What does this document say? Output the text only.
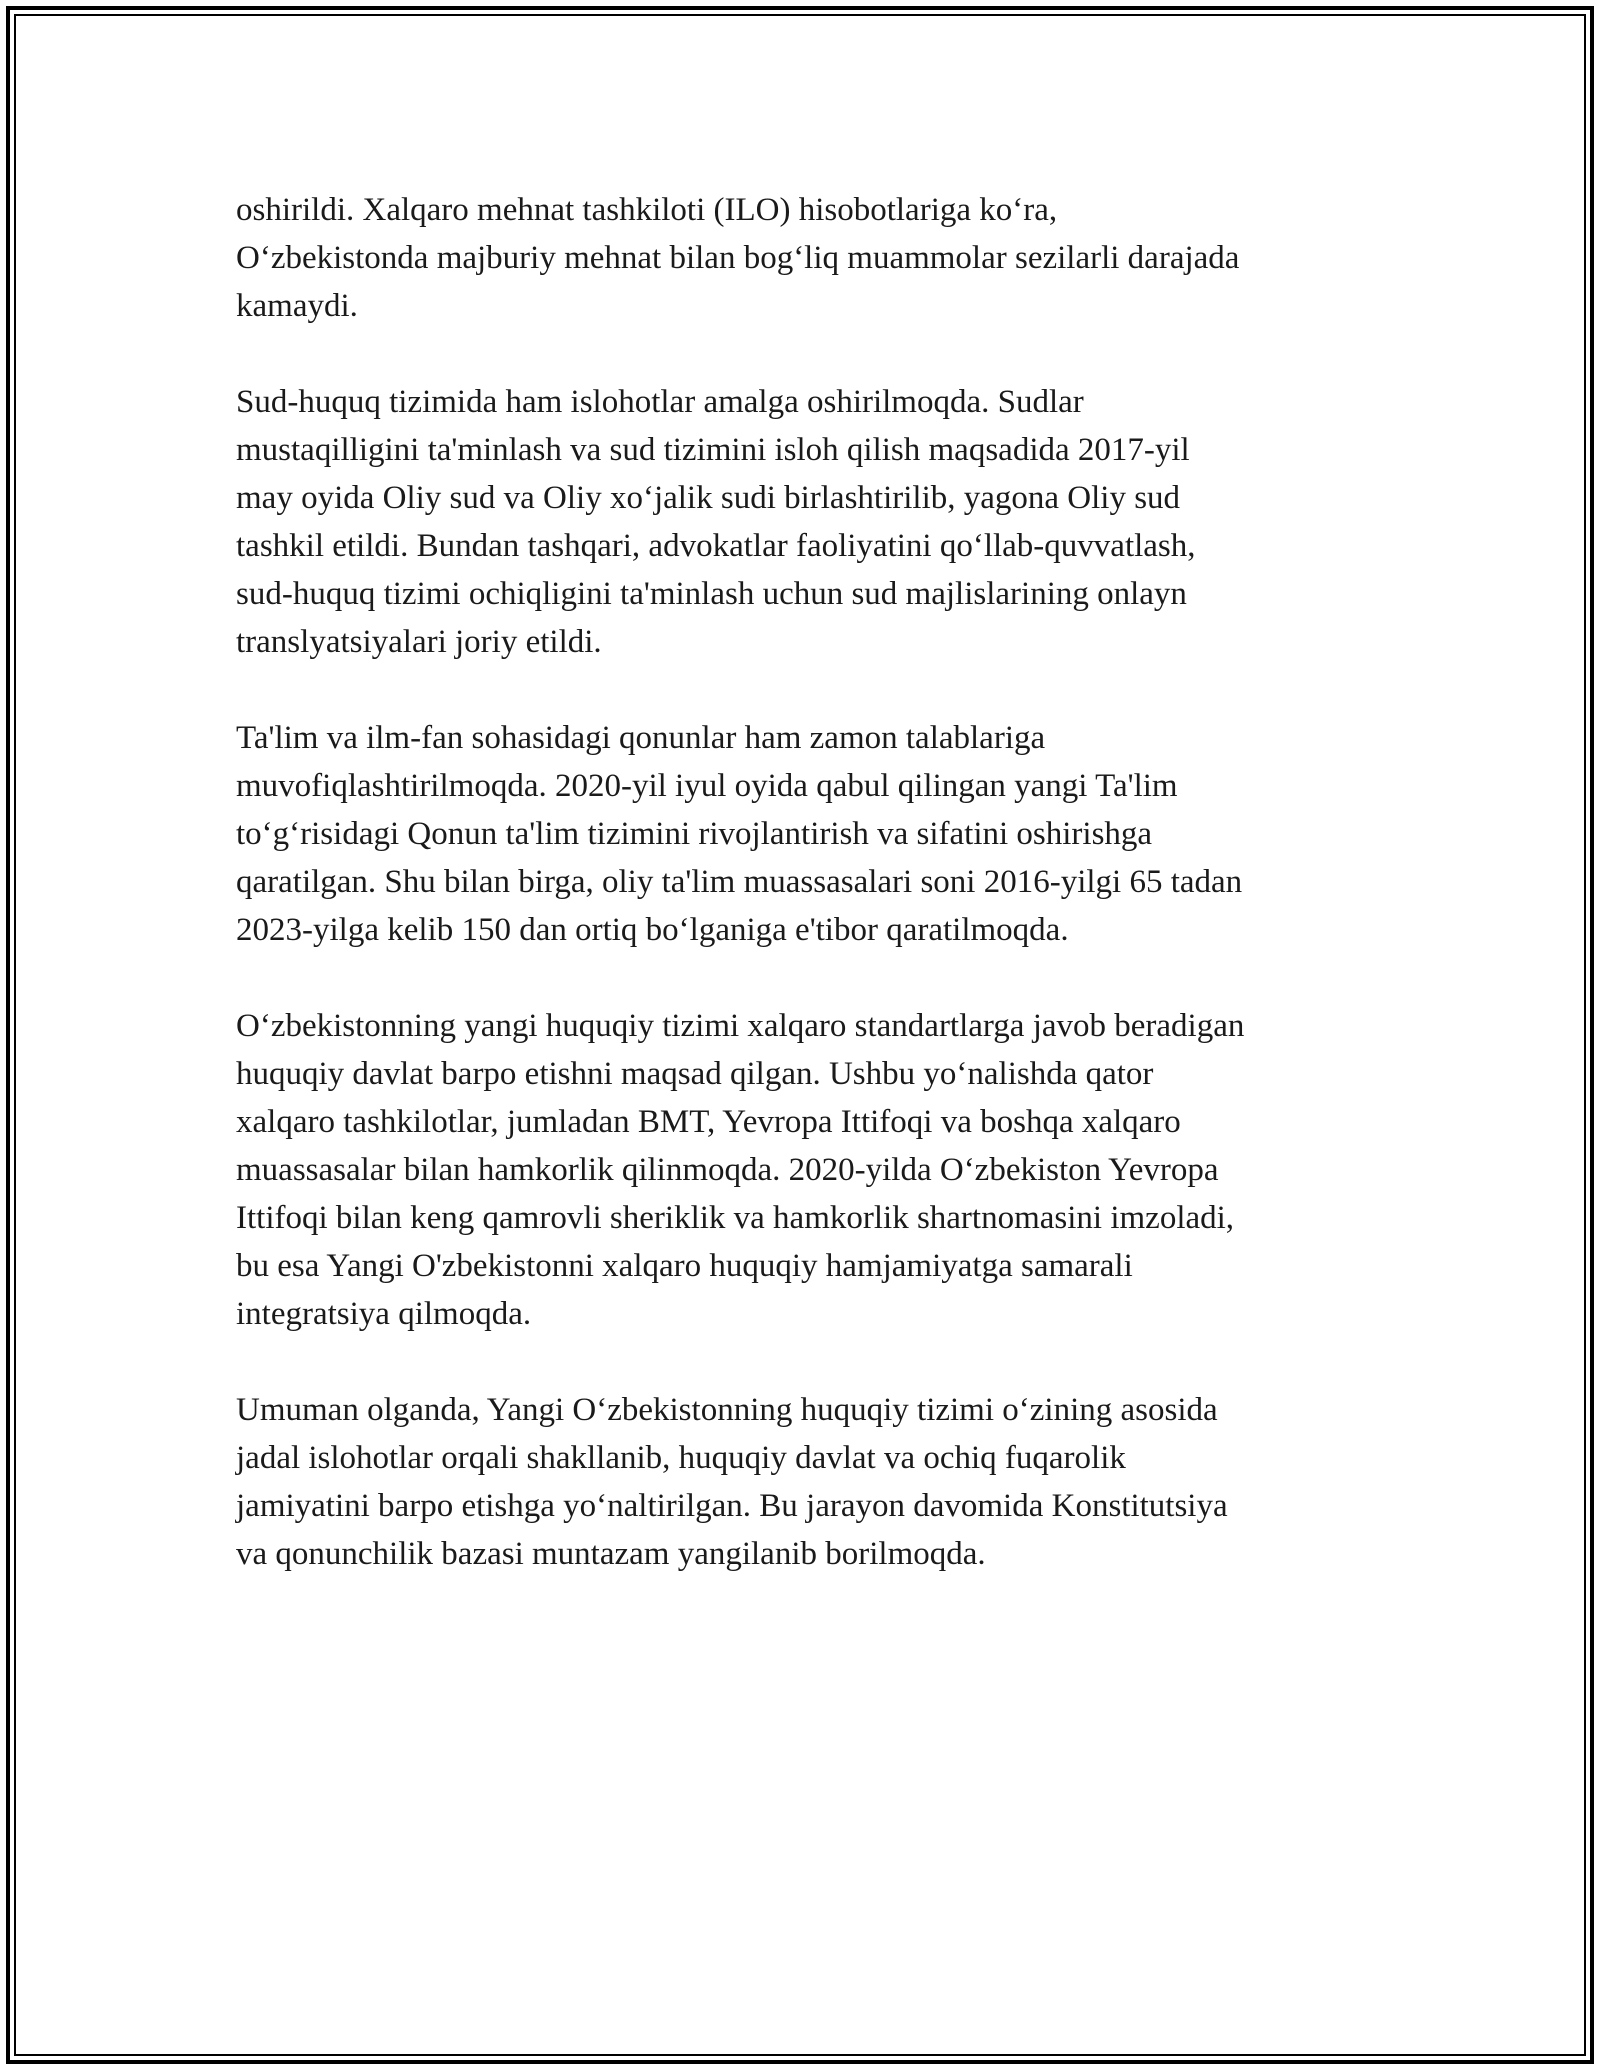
oshirildi. Xalqaro mehnat tashkiloti (ILO) hisobotlariga ko‘ra,
O‘zbekistonda majburiy mehnat bilan bog‘liq muammolar sezilarli darajada
kamaydi.

Sud-huquq tizimida ham islohotlar amalga oshirilmoqda. Sudlar
mustaqilligini ta'minlash va sud tizimini isloh qilish maqsadida 2017-yil
may oyida Oliy sud va Oliy xo‘jalik sudi birlashtirilib, yagona Oliy sud
tashkil etildi. Bundan tashqari, advokatlar faoliyatini qo‘llab-quvvatlash,
sud-huquq tizimi ochiqligini ta'minlash uchun sud majlislarining onlayn
translyatsiyalari joriy etildi.

Ta'lim va ilm-fan sohasidagi qonunlar ham zamon talablariga
muvofiqlashtirilmoqda. 2020-yil iyul oyida qabul qilingan yangi Ta'lim
to‘g‘risidagi Qonun ta'lim tizimini rivojlantirish va sifatini oshirishga
qaratilgan. Shu bilan birga, oliy ta'lim muassasalari soni 2016-yilgi 65 tadan
2023-yilga kelib 150 dan ortiq bo‘lganiga e'tibor qaratilmoqda.

O‘zbekistonning yangi huquqiy tizimi xalqaro standartlarga javob beradigan
huquqiy davlat barpo etishni maqsad qilgan. Ushbu yo‘nalishda qator
xalqaro tashkilotlar, jumladan BMT, Yevropa Ittifoqi va boshqa xalqaro
muassasalar bilan hamkorlik qilinmoqda. 2020-yilda O‘zbekiston Yevropa
Ittifoqi bilan keng qamrovli sheriklik va hamkorlik shartnomasini imzoladi,
bu esa Yangi O'zbekistonni xalqaro huquqiy hamjamiyatga samarali
integratsiya qilmoqda.

Umuman olganda, Yangi O‘zbekistonning huquqiy tizimi o‘zining asosida
jadal islohotlar orqali shakllanib, huquqiy davlat va ochiq fuqarolik
jamiyatini barpo etishga yo‘naltirilgan. Bu jarayon davomida Konstitutsiya
va qonunchilik bazasi muntazam yangilanib borilmoqda.
